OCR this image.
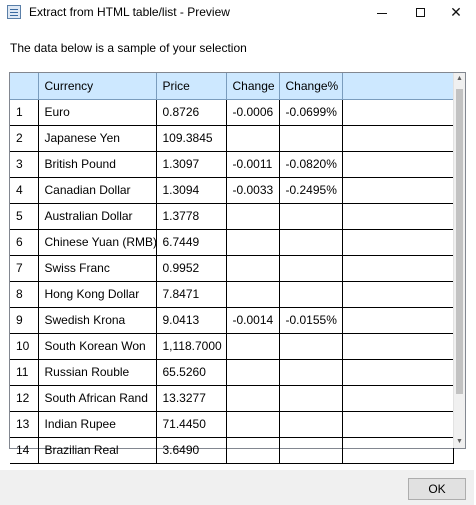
Extract from HTML table/list - Preview	✕
The data below is a sample of your selection
	Currency	Price	Change	Change%	
1	Euro	0.8726	-0.0006	-0.0699%	
2	Japanese Yen	109.3845			
3	British Pound	1.3097	-0.0011	-0.0820%	
4	Canadian Dollar	1.3094	-0.0033	-0.2495%	
5	Australian Dollar	1.3778			
6	Chinese Yuan (RMB)	6.7449			
7	Swiss Franc	0.9952			
8	Hong Kong Dollar	7.8471			
9	Swedish Krona	9.0413	-0.0014	-0.0155%	
10	South Korean Won	1,118.7000			
11	Russian Rouble	65.5260			
12	South African Rand	13.3277			
13	Indian Rupee	71.4450			
14	Brazilian Real	3.6490			
▲
▼
OK
